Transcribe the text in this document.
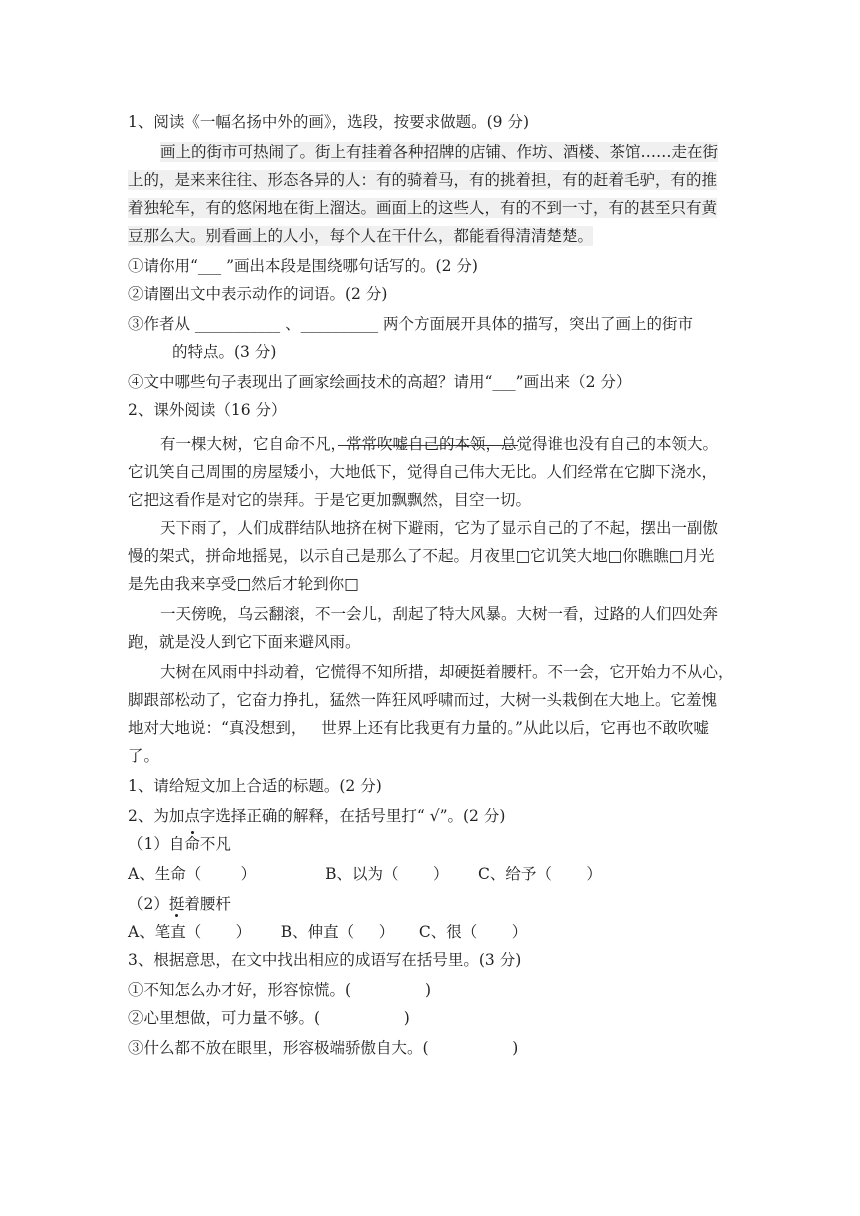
1、阅读《一幅名扬中外的画》，选段，按要求做题。(9 分)
画上的街市可热闹了。街上有挂着各种招牌的店铺、作坊、酒楼、茶馆……走在街
上的，是来来往往、形态各异的人：有的骑着马，有的挑着担，有的赶着毛驴，有的推
着独轮车，有的悠闲地在街上溜达。画面上的这些人，有的不到一寸，有的甚至只有黄
豆那么大。别看画上的人小，每个人在干什么，都能看得清清楚楚。
①请你用“___ ”画出本段是围绕哪句话写的。(2 分)
②请圈出文中表示动作的词语。(2 分)
③作者从 ___________ 、__________ 两个方面展开具体的描写，突出了画上的街市
的特点。(3 分)
④文中哪些句子表现出了画家绘画技术的高超？请用“___”画出来（2 分）
2、课外阅读（16 分）
有一棵大树，它自命不凡，常常吹嘘自己的本领，总觉得谁也没有自己的本领大。
它讥笑自己周围的房屋矮小，大地低下，觉得自己伟大无比。人们经常在它脚下浇水，
它把这看作是对它的崇拜。于是它更加飘飘然，目空一切。
天下雨了，人们成群结队地挤在树下避雨，它为了显示自己的了不起，摆出一副傲
慢的架式，拼命地摇晃，以示自己是那么了不起。月夜里□它讥笑大地□你瞧瞧□月光
是先由我来享受□然后才轮到你□
一天傍晚，乌云翻滚，不一会儿，刮起了特大风暴。大树一看，过路的人们四处奔
跑，就是没人到它下面来避风雨。
大树在风雨中抖动着，它慌得不知所措，却硬挺着腰杆。不一会，它开始力不从心，
脚跟部松动了，它奋力挣扎，猛然一阵狂风呼啸而过，大树一头栽倒在大地上。它羞愧
地对大地说：“真没想到，   世界上还有比我更有力量的。”从此以后，它再也不敢吹嘘
了。
1、请给短文加上合适的标题。(2 分)
2、为加点字选择正确的解释，在括号里打“ √”。(2 分)
（1）自命不凡
A、生命（        ）              B、以为（       ）      C、给予（       ）
（2）挺着腰杆
A、笔直（       ）      B、伸直（     ）     C、很（       ）
3、根据意思，在文中找出相应的成语写在括号里。(3 分)
①不知怎么办才好，形容惊慌。(               )
②心里想做，可力量不够。(                 )
③什么都不放在眼里，形容极端骄傲自大。(                 )
